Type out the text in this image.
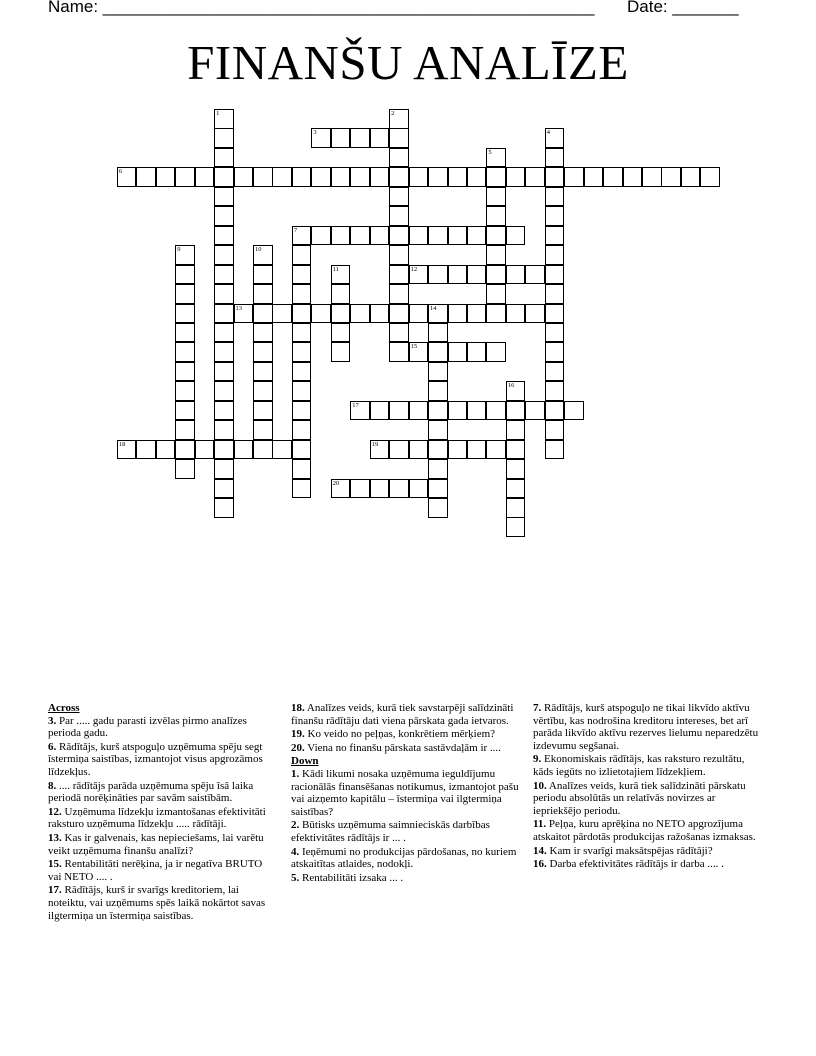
Name: ____________________________________________________ Date: _______
FINANŠU ANALĪZE
3
6
7
12
13	14
15
17
18	19
20
1	2
4
5
9	10
11
16
Across
3. Par ..... gadu parasti izvēlas pirmo analīzes perioda gadu.
6. Rādītājs, kurš atspoguļo uzņēmuma spēju segt īstermiņa saistības, izmantojot visus apgrozāmos līdzekļus.
8. .... rādītājs parāda uzņēmuma spēju īsā laika periodā norēķināties par savām saistībām.
12. Uzņēmuma līdzekļu izmantošanas efektivitāti raksturo uzņēmuma līdzekļu ..... rādītāji.
13. Kas ir galvenais, kas nepieciešams, lai varētu veikt uzņēmuma finanšu analīzi?
15. Rentabilitāti nerēķina, ja ir negatīva BRUTO vai NETO .... .
17. Rādītājs, kurš ir svarīgs kreditoriem, lai noteiktu, vai uzņēmums spēs laikā nokārtot savas ilgtermiņa un īstermiņa saistības.
18. Analīzes veids, kurā tiek savstarpēji salīdzināti finanšu rādītāju dati viena pārskata gada ietvaros.
19. Ko veido no peļņas, konkrētiem mērķiem?
20. Viena no finanšu pārskata sastāvdaļām ir ....
Down
1. Kādi likumi nosaka uzņēmuma ieguldījumu racionālās finansēšanas notikumus, izmantojot pašu vai aizņemto kapitālu – īstermiņa vai ilgtermiņa saistības?
2. Būtisks uzņēmuma saimnieciskās darbības efektivitātes rādītājs ir ... .
4. Ieņēmumi no produkcijas pārdošanas, no kuriem atskaitītas atlaides, nodokļi.
5. Rentabilitāti izsaka ... .
7. Rādītājs, kurš atspoguļo ne tikai likvīdo aktīvu vērtību, kas nodrošina kreditoru intereses, bet arī parāda likvīdo aktīvu rezerves lielumu neparedzētu izdevumu segšanai.
9. Ekonomiskais rādītājs, kas raksturo rezultātu, kāds iegūts no izlietotajiem līdzekļiem.
10. Analīzes veids, kurā tiek salīdzināti pārskatu periodu absolūtās un relatīvās novirzes ar iepriekšējo periodu.
11. Peļņa, kuru aprēķina no NETO apgrozījuma atskaitot pārdotās produkcijas ražošanas izmaksas.
14. Kam ir svarīgi maksātspējas rādītāji?
16. Darba efektivitātes rādītājs ir darba .... .
